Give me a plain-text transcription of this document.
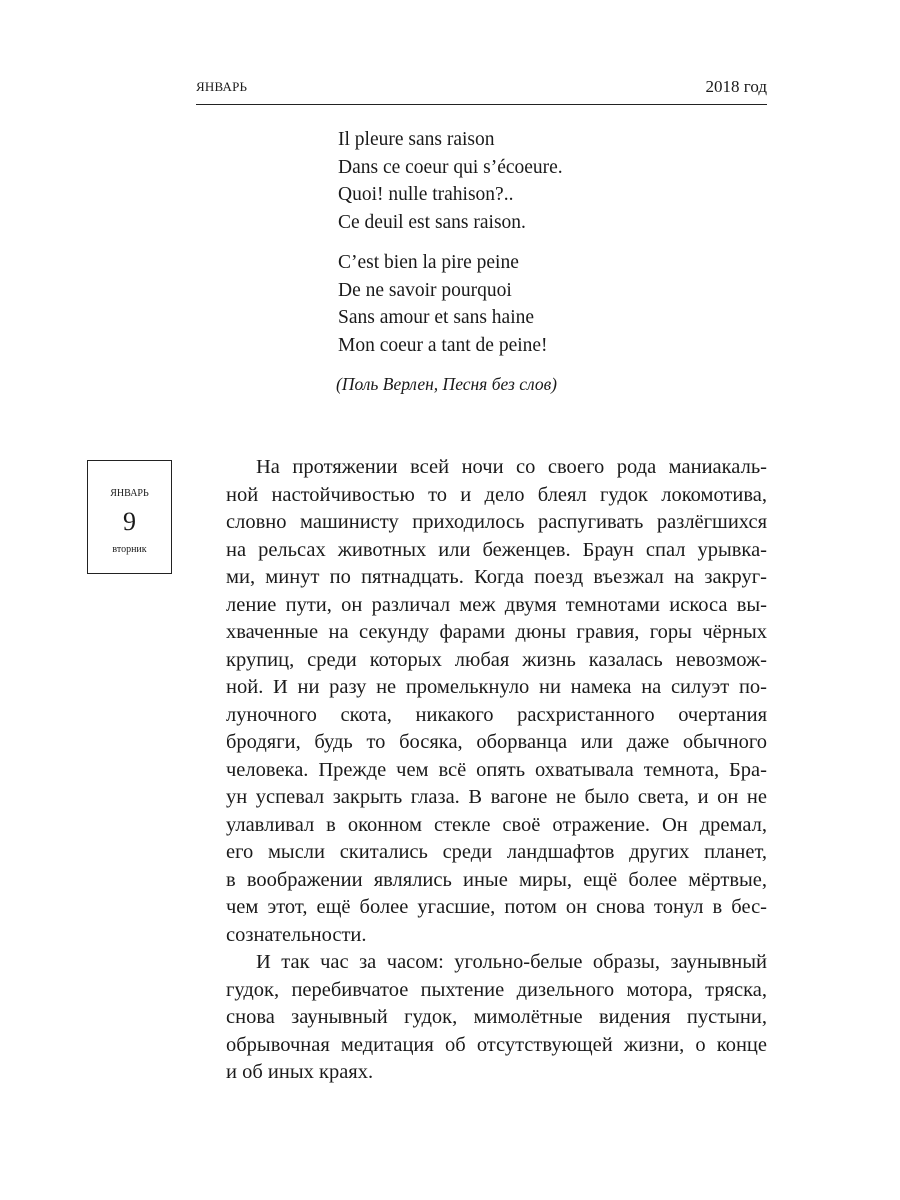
ЯНВАРЬ	2018 год
Il pleure sans raison
Dans ce coeur qui s’écoeure.
Quoi! nulle trahison?..
Ce deuil est sans raison.
C’est bien la pire peine
De ne savoir pourquoi
Sans amour et sans haine
Mon coeur a tant de peine!
(Поль Верлен, Песня без слов)
ЯНВАРЬ
9
вторник
На протяжении всей ночи со своего рода маниакаль-
ной настойчивостью то и дело блеял гудок локомотива,
словно машинисту приходилось распугивать разлёгшихся
на рельсах животных или беженцев. Браун спал урывка-
ми, минут по пятнадцать. Когда поезд въезжал на закруг-
ление пути, он различал меж двумя темнотами искоса вы-
хваченные на секунду фарами дюны гравия, горы чёрных
крупиц, среди которых любая жизнь казалась невозмож-
ной. И ни разу не промелькнуло ни намека на силуэт по-
луночного скота, никакого расхристанного очертания
бродяги, будь то босяка, оборванца или даже обычного
человека. Прежде чем всё опять охватывала темнота, Бра-
ун успевал закрыть глаза. В вагоне не было света, и он не
улавливал в оконном стекле своё отражение. Он дремал,
его мысли скитались среди ландшафтов других планет,
в воображении являлись иные миры, ещё более мёртвые,
чем этот, ещё более угасшие, потом он снова тонул в бес-
сознательности.
И так час за часом: угольно-белые образы, заунывный
гудок, перебивчатое пыхтение дизельного мотора, тряска,
снова заунывный гудок, мимолётные видения пустыни,
обрывочная медитация об отсутствующей жизни, о конце
и об иных краях.
